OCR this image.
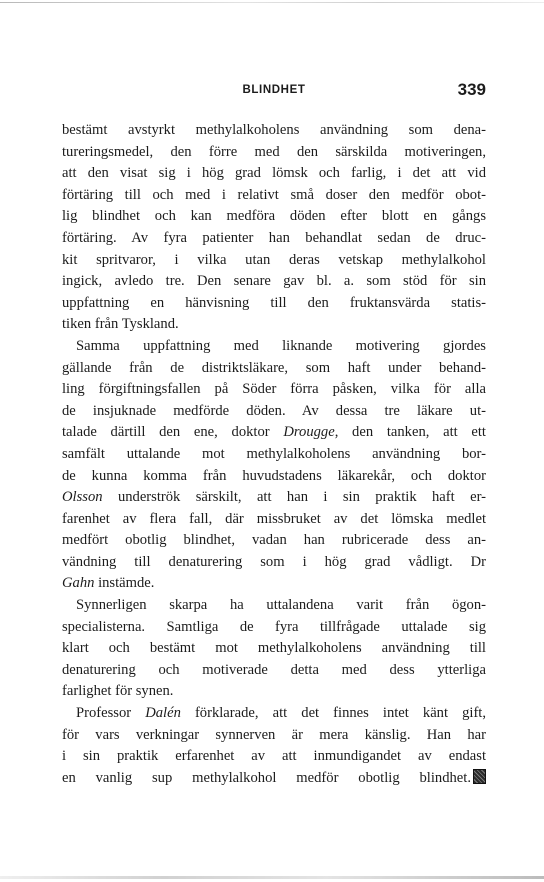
BLINDHET	339
bestämt avstyrkt methylalkoholens användning som dena-
tureringsmedel, den förre med den särskilda motiveringen,
att den visat sig i hög grad lömsk och farlig, i det att vid
förtäring till och med i relativt små doser den medför obot-
lig blindhet och kan medföra döden efter blott en gångs
förtäring. Av fyra patienter han behandlat sedan de druc-
kit spritvaror, i vilka utan deras vetskap methylalkohol
ingick, avledo tre. Den senare gav bl. a. som stöd för sin
uppfattning en hänvisning till den fruktansvärda statis-
tiken från Tyskland.
Samma uppfattning med liknande motivering gjordes
gällande från de distriktsläkare, som haft under behand-
ling förgiftningsfallen på Söder förra påsken, vilka för alla
de insjuknade medförde döden. Av dessa tre läkare ut-
talade därtill den ene, doktor Drougge, den tanken, att ett
samfält uttalande mot methylalkoholens användning bor-
de kunna komma från huvudstadens läkarekår, och doktor
Olsson underströk särskilt, att han i sin praktik haft er-
farenhet av flera fall, där missbruket av det lömska medlet
medfört obotlig blindhet, vadan han rubricerade dess an-
vändning till denaturering som i hög grad vådligt. Dr
Gahn instämde.
Synnerligen skarpa ha uttalandena varit från ögon-
specialisterna. Samtliga de fyra tillfrågade uttalade sig
klart och bestämt mot methylalkoholens användning till
denaturering och motiverade detta med dess ytterliga
farlighet för synen.
Professor Dalén förklarade, att det finnes intet känt gift,
för vars verkningar synnerven är mera känslig. Han har
i sin praktik erfarenhet av att inmundigandet av endast
en vanlig sup methylalkohol medför obotlig blindhet.
